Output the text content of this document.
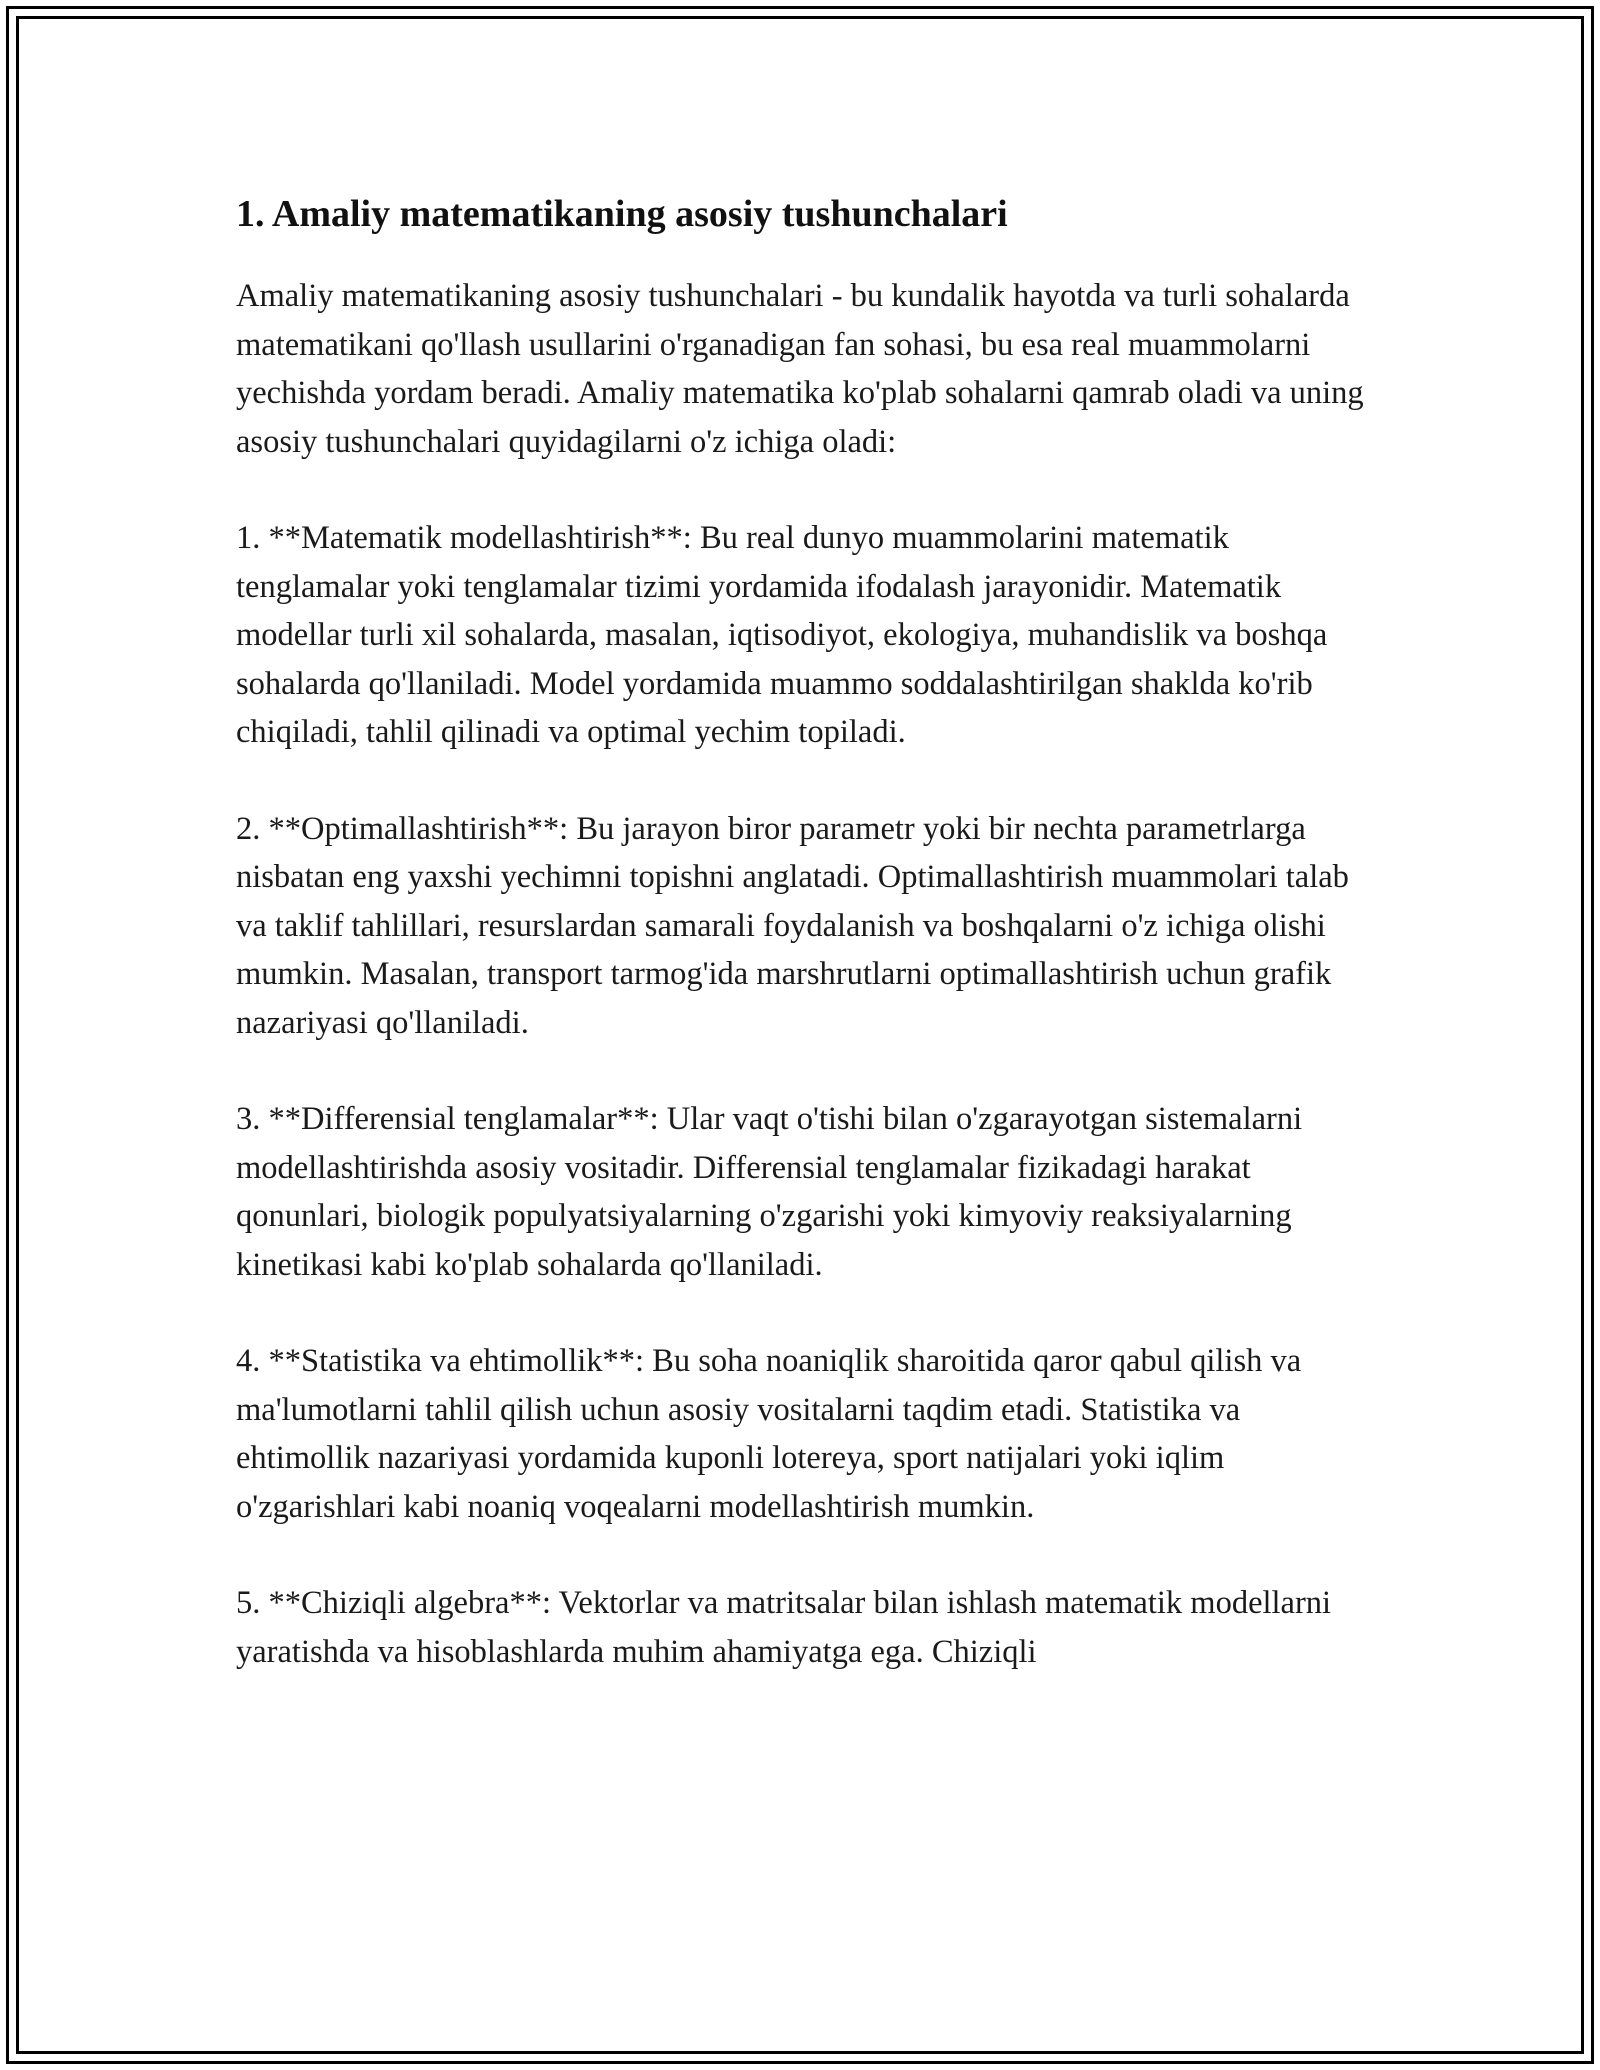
1. Amaliy matematikaning asosiy tushunchalari

Amaliy matematikaning asosiy tushunchalari - bu kundalik hayotda va turli sohalarda matematikani qo'llash usullarini o'rganadigan fan sohasi, bu esa real muammolarni yechishda yordam beradi. Amaliy matematika ko'plab sohalarni qamrab oladi va uning asosiy tushunchalari quyidagilarni o'z ichiga oladi:

1. **Matematik modellashtirish**: Bu real dunyo muammolarini matematik tenglamalar yoki tenglamalar tizimi yordamida ifodalash jarayonidir. Matematik modellar turli xil sohalarda, masalan, iqtisodiyot, ekologiya, muhandislik va boshqa sohalarda qo'llaniladi. Model yordamida muammo soddalashtirilgan shaklda ko'rib chiqiladi, tahlil qilinadi va optimal yechim topiladi.

2. **Optimallashtirish**: Bu jarayon biror parametr yoki bir nechta parametrlarga nisbatan eng yaxshi yechimni topishni anglatadi. Optimallashtirish muammolari talab va taklif tahlillari, resurslardan samarali foydalanish va boshqalarni o'z ichiga olishi mumkin. Masalan, transport tarmog'ida marshrutlarni optimallashtirish uchun grafik nazariyasi qo'llaniladi.

3. **Differensial tenglamalar**: Ular vaqt o'tishi bilan o'zgarayotgan sistemalarni modellashtirishda asosiy vositadir. Differensial tenglamalar fizikadagi harakat qonunlari, biologik populyatsiyalarning o'zgarishi yoki kimyoviy reaksiyalarning kinetikasi kabi ko'plab sohalarda qo'llaniladi.

4. **Statistika va ehtimollik**: Bu soha noaniqlik sharoitida qaror qabul qilish va ma'lumotlarni tahlil qilish uchun asosiy vositalarni taqdim etadi. Statistika va ehtimollik nazariyasi yordamida kuponli lotereya, sport natijalari yoki iqlim o'zgarishlari kabi noaniq voqealarni modellashtirish mumkin.

5. **Chiziqli algebra**: Vektorlar va matritsalar bilan ishlash matematik modellarni yaratishda va hisoblashlarda muhim ahamiyatga ega. Chiziqli
